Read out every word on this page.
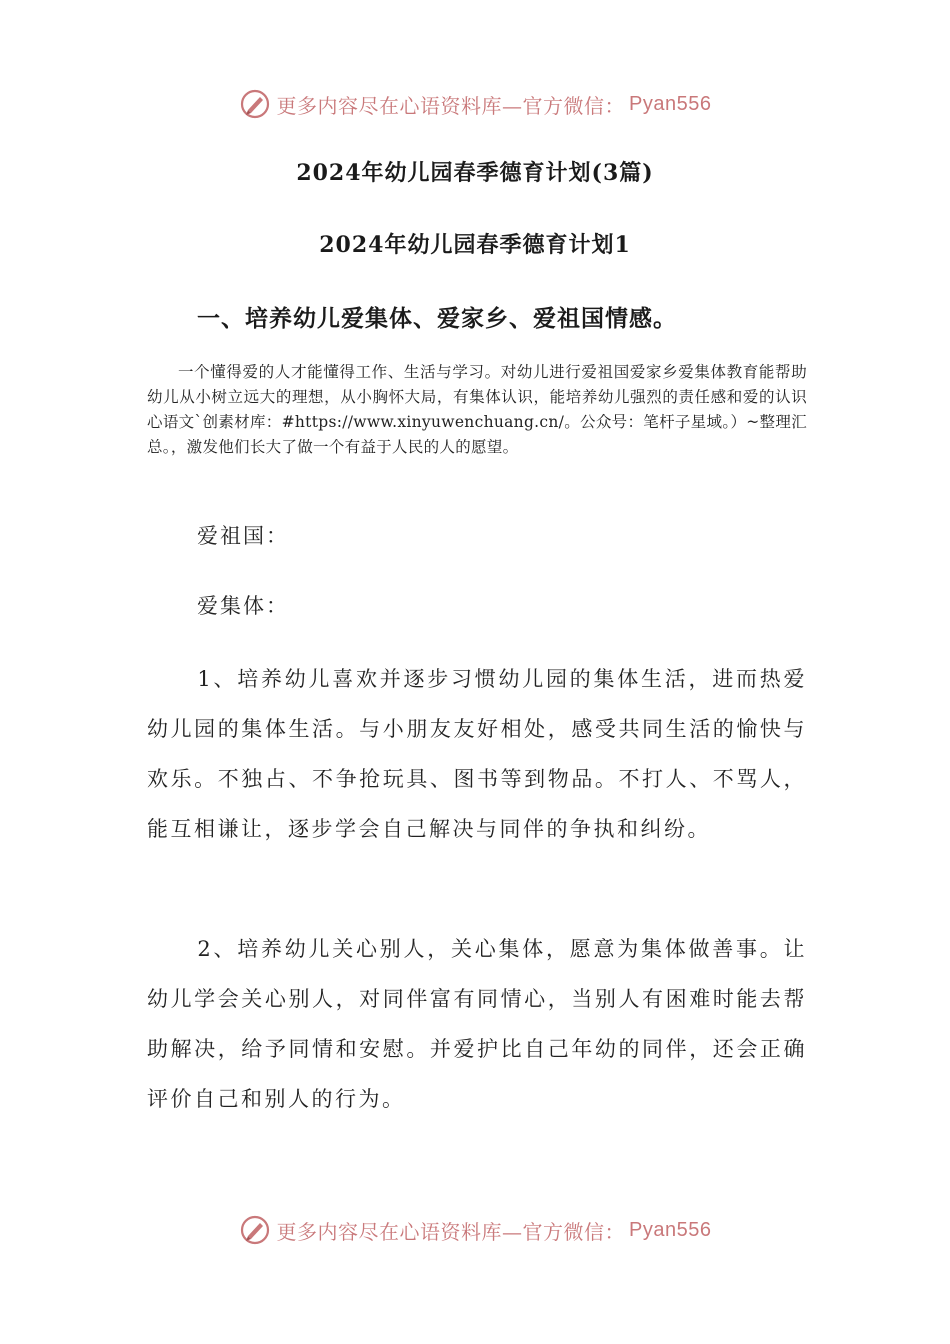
更多内容尽在心语资料库—官方微信： Pyan556
2024年幼儿园春季德育计划(3篇)
2024年幼儿园春季德育计划1
一、培养幼儿爱集体、爱家乡、爱祖国情感。
一个懂得爱的人才能懂得工作、生活与学习。对幼儿进行爱祖国爱家乡爱集体教育能帮助幼儿从小树立远大的理想，从小胸怀大局，有集体认识，能培养幼儿强烈的责任感和爱的认识心语文`创素材库：#https://www.xinyuwenchuang.cn/。公众号：笔杆子星域。）~整理汇总。，激发他们长大了做一个有益于人民的人的愿望。
爱祖国：
爱集体：
1、培养幼儿喜欢并逐步习惯幼儿园的集体生活，进而热爱幼儿园的集体生活。与小朋友友好相处，感受共同生活的愉快与欢乐。不独占、不争抢玩具、图书等到物品。不打人、不骂人，能互相谦让，逐步学会自己解决与同伴的争执和纠纷。
2、培养幼儿关心别人，关心集体，愿意为集体做善事。让幼儿学会关心别人，对同伴富有同情心，当别人有困难时能去帮助解决，给予同情和安慰。并爱护比自己年幼的同伴，还会正确评价自己和别人的行为。
更多内容尽在心语资料库—官方微信： Pyan556
